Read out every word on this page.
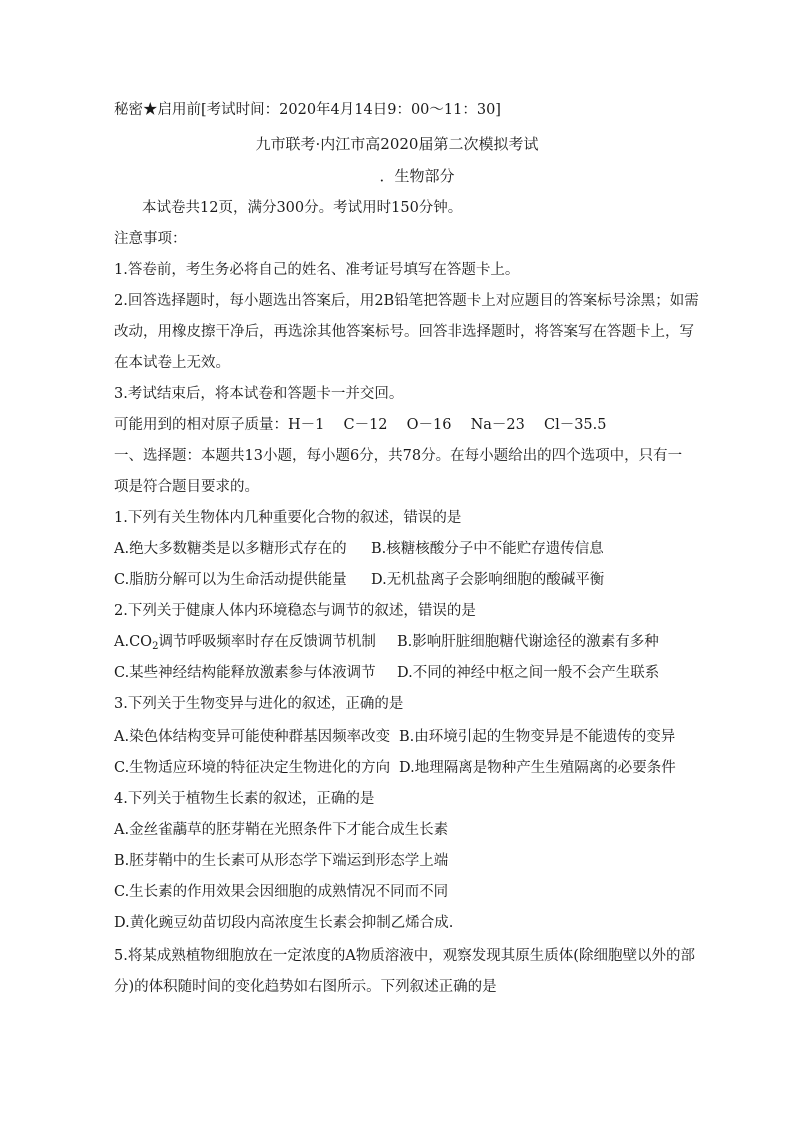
秘密★启用前[考试时间：2020年4月14日9：00～11：30]
九市联考·内江市高2020届第二次模拟考试
．生物部分
本试卷共12页，满分300分。考试用时150分钟。
注意事项：
1.答卷前，考生务必将自己的姓名、准考证号填写在答题卡上。
2.回答选择题时，每小题选出答案后，用2B铅笔把答题卡上对应题目的答案标号涂黑；如需
改动，用橡皮擦干净后，再选涂其他答案标号。回答非选择题时，将答案写在答题卡上，写
在本试卷上无效。
3.考试结束后，将本试卷和答题卡一并交回。
可能用到的相对原子质量：H－1　 C－12　 O－16　 Na－23　 Cl－35.5
一、选择题：本题共13小题，每小题6分，共78分。在每小题给出的四个选项中，只有一
项是符合题目要求的。
1.下列有关生物体内几种重要化合物的叙述，错误的是
A.绝大多数糖类是以多糖形式存在的 B.核糖核酸分子中不能贮存遗传信息
C.脂肪分解可以为生命活动提供能量 D.无机盐离子会影响细胞的酸碱平衡
2.下列关于健康人体内环境稳态与调节的叙述，错误的是
$A.CO_2$调节呼吸频率时存在反馈调节机制 B.影响肝脏细胞糖代谢途径的激素有多种
C.某些神经结构能释放激素参与体液调节 D.不同的神经中枢之间一般不会产生联系
3.下列关于生物变异与进化的叙述，正确的是
A.染色体结构变异可能使种群基因频率改变 B.由环境引起的生物变异是不能遗传的变异
C.生物适应环境的特征决定生物进化的方向 D.地理隔离是物种产生生殖隔离的必要条件
4.下列关于植物生长素的叙述，正确的是
A.金丝雀虉草的胚芽鞘在光照条件下才能合成生长素
B.胚芽鞘中的生长素可从形态学下端运到形态学上端
C.生长素的作用效果会因细胞的成熟情况不同而不同
D.黄化豌豆幼苗切段内高浓度生长素会抑制乙烯合成.
5.将某成熟植物细胞放在一定浓度的A物质溶液中，观察发现其原生质体(除细胞壁以外的部
分)的体积随时间的变化趋势如右图所示。下列叙述正确的是
